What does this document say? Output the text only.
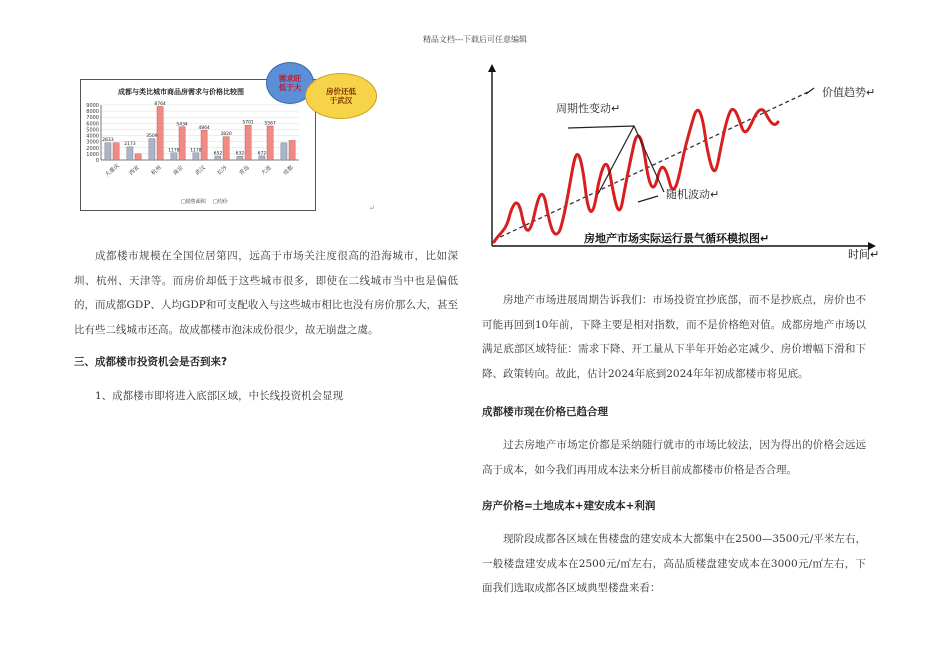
精品文档---下载后可任意编辑
成都与类比城市商品房需求与价格比较图
9000
8000
7000
6000
5000
4000
3000
2000
1000
0
2833
大重庆
2173
西安
3509
8764
杭州
1178
5434
南京
1178
4864
武汉
652
3820
长沙
632
5701
青岛
672
5567
大连 成都
□销售面积 □均价
需求旺
低于大	房价还低
于武汉
↵
成都楼市规模在全国位居第四，远高于市场关注度很高的沿海城市，比如深圳、杭州、天津等。而房价却低于这些城市很多，即使在二线城市当中也是偏低的，而成都GDP、人均GDP和可支配收入与这些城市相比也没有房价那么大，甚至比有些二线城市还高。故成都楼市泡沫成份很少，故无崩盘之虞。
三、成都楼市投资机会是否到来?
1、成都楼市即将进入底部区域，中长线投资机会显现
周期性变动↵
价值趋势↵
随机波动↵
房地产市场实际运行景气循环模拟图↵
时间↵
房地产市场进展周期告诉我们：市场投资宜抄底部，而不是抄底点，房价也不可能再回到10年前，下降主要是相对指数，而不是价格绝对值。成都房地产市场以满足底部区域特征：需求下降、开工量从下半年开始必定减少、房价增幅下滑和下降、政策转向。故此，估计2024年底到2024年年初成都楼市将见底。
成都楼市现在价格已趋合理
过去房地产市场定价都是采纳随行就市的市场比较法，因为得出的价格会远远高于成本，如今我们再用成本法来分析目前成都楼市价格是否合理。
房产价格=土地成本+建安成本+利润
现阶段成都各区域在售楼盘的建安成本大都集中在2500—3500元/平米左右，一般楼盘建安成本在2500元/㎡左右，高品质楼盘建安成本在3000元/㎡左右，下面我们选取成都各区域典型楼盘来看：
